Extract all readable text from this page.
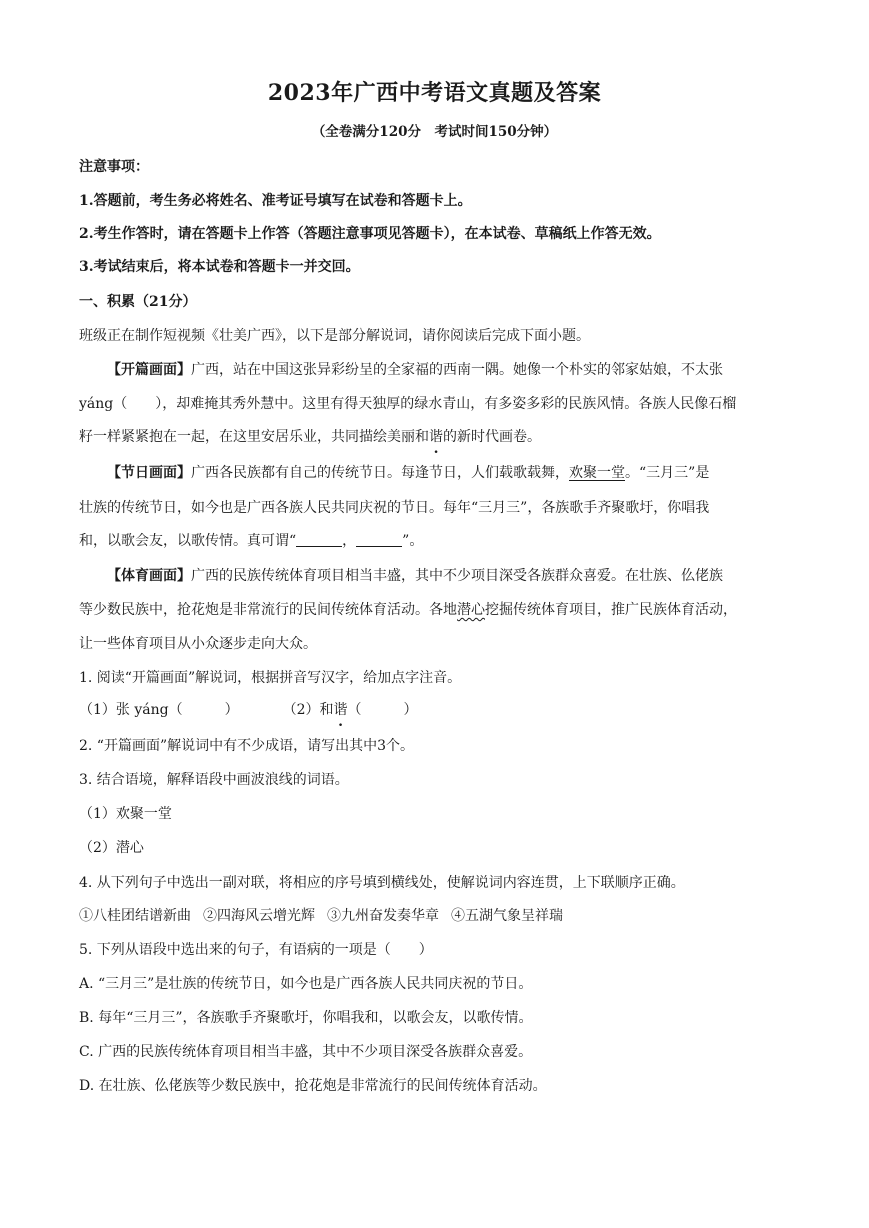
2023年广西中考语文真题及答案
（全卷满分120分　考试时间150分钟）
注意事项：
1.答题前，考生务必将姓名、准考证号填写在试卷和答题卡上。
2.考生作答时，请在答题卡上作答（答题注意事项见答题卡），在本试卷、草稿纸上作答无效。
3.考试结束后，将本试卷和答题卡一并交回。
一、积累（21分）
班级正在制作短视频《壮美广西》，以下是部分解说词，请你阅读后完成下面小题。
【开篇画面】广西，站在中国这张异彩纷呈的全家福的西南一隅。她像一个朴实的邻家姑娘，不太张
yáng（　　），却难掩其秀外慧中。这里有得天独厚的绿水青山，有多姿多彩的民族风情。各族人民像石榴
籽一样紧紧抱在一起，在这里安居乐业，共同描绘美丽和谐的新时代画卷。
【节日画面】广西各民族都有自己的传统节日。每逢节日，人们载歌载舞，欢聚一堂。“三月三”是
壮族的传统节日，如今也是广西各族人民共同庆祝的节日。每年“三月三”，各族歌手齐聚歌圩，你唱我
和，以歌会友，以歌传情。真可谓“	，	”。
【体育画面】广西的民族传统体育项目相当丰盛，其中不少项目深受各族群众喜爱。在壮族、仫佬族
等少数民族中，抢花炮是非常流行的民间传统体育活动。各地潜心挖掘传统体育项目，推广民族体育活动，
让一些体育项目从小众逐步走向大众。
1. 阅读“开篇画面”解说词，根据拼音写汉字，给加点字注音。
（1）张 yáng（　　　）	（2）和谐（　　　）
2. “开篇画面”解说词中有不少成语，请写出其中3个。
3. 结合语境，解释语段中画波浪线的词语。
（1）欢聚一堂
（2）潜心
4. 从下列句子中选出一副对联，将相应的序号填到横线处，使解说词内容连贯，上下联顺序正确。
①八桂团结谱新曲 ②四海风云增光辉 ③九州奋发奏华章 ④五湖气象呈祥瑞
5. 下列从语段中选出来的句子，有语病的一项是（　　）
A. “三月三”是壮族的传统节日，如今也是广西各族人民共同庆祝的节日。
B. 每年“三月三”，各族歌手齐聚歌圩，你唱我和，以歌会友，以歌传情。
C. 广西的民族传统体育项目相当丰盛，其中不少项目深受各族群众喜爱。
D. 在壮族、仫佬族等少数民族中，抢花炮是非常流行的民间传统体育活动。
